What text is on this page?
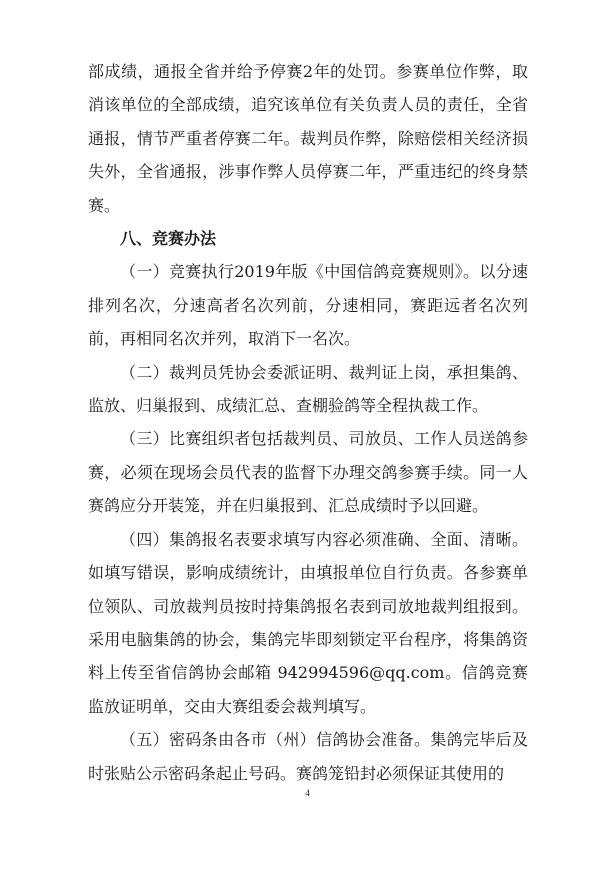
部成绩，通报全省并给予停赛2年的处罚。参赛单位作弊，取消该单位的全部成绩，追究该单位有关负责人员的责任，全省通报，情节严重者停赛二年。裁判员作弊，除赔偿相关经济损失外，全省通报，涉事作弊人员停赛二年，严重违纪的终身禁赛。

八、竞赛办法

（一）竞赛执行2019年版《中国信鸽竞赛规则》。以分速排列名次，分速高者名次列前，分速相同，赛距远者名次列前，再相同名次并列，取消下一名次。

（二）裁判员凭协会委派证明、裁判证上岗，承担集鸽、监放、归巢报到、成绩汇总、查棚验鸽等全程执裁工作。

（三）比赛组织者包括裁判员、司放员、工作人员送鸽参赛，必须在现场会员代表的监督下办理交鸽参赛手续。同一人赛鸽应分开装笼，并在归巢报到、汇总成绩时予以回避。

（四）集鸽报名表要求填写内容必须准确、全面、清晰。如填写错误，影响成绩统计，由填报单位自行负责。各参赛单位领队、司放裁判员按时持集鸽报名表到司放地裁判组报到。采用电脑集鸽的协会，集鸽完毕即刻锁定平台程序，将集鸽资料上传至省信鸽协会邮箱 942994596@qq.com。信鸽竞赛监放证明单，交由大赛组委会裁判填写。

（五）密码条由各市（州）信鸽协会准备。集鸽完毕后及时张贴公示密码条起止号码。赛鸽笼铅封必须保证其使用的

4
